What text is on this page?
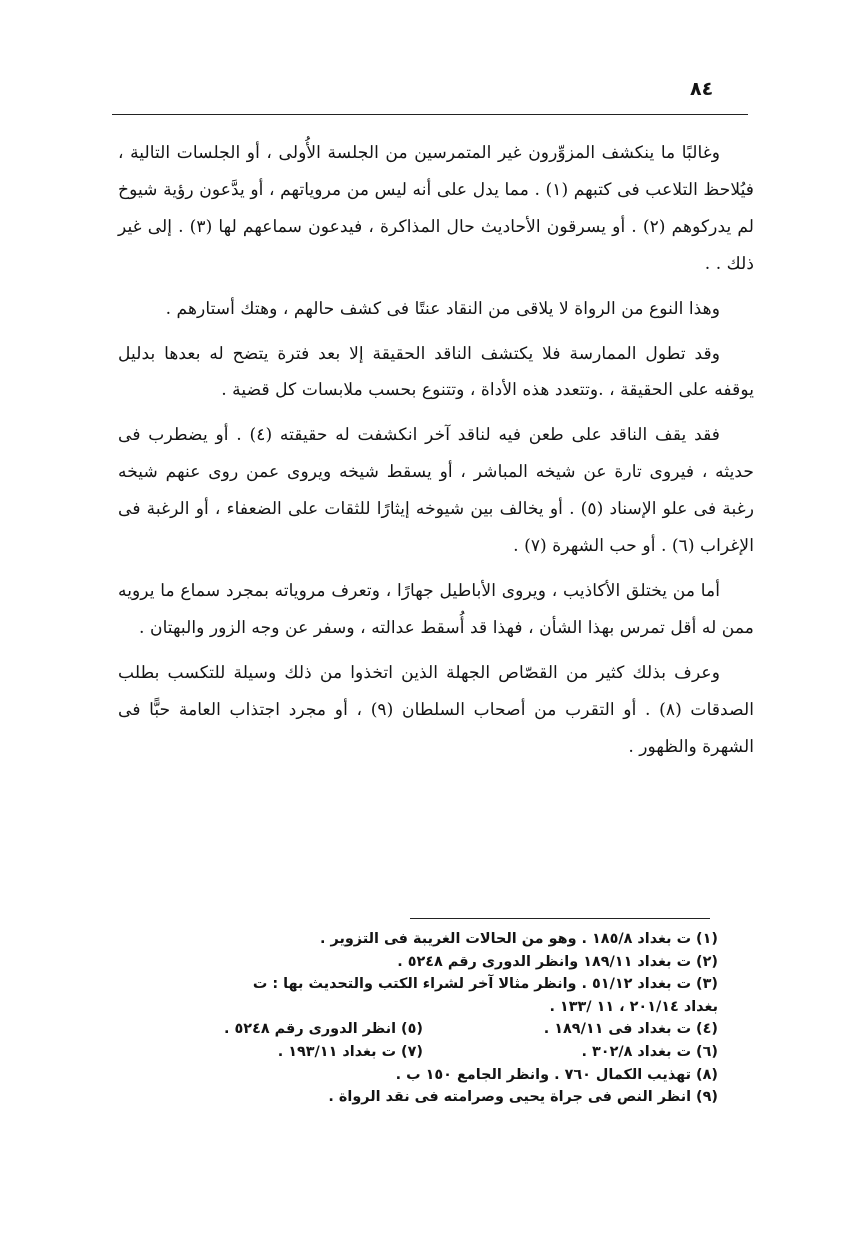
٨٤

وغالبًا ما ينكشف المزوِّرون غير المتمرسين من الجلسة الأُولى ، أو الجلسات التالية ، فيُلاحظ التلاعب فى كتبهم (١) . مما يدل على أنه ليس من مروياتهم ، أو يدَّعون رؤية شيوخ لم يدركوهم (٢) . أو يسرقون الأحاديث حال المذاكرة ، فيدعون سماعهم لها (٣) . إلى غير ذلك . .

وهذا النوع من الرواة لا يلاقى من النقاد عنتًا فى كشف حالهم ، وهتك أستارهم .

وقد تطول الممارسة فلا يكتشف الناقد الحقيقة إلا بعد فترة يتضح له بعدها بدليل يوقفه على الحقيقة ، .وتتعدد هذه الأداة ، وتتنوع بحسب ملابسات كل قضية .

فقد يقف الناقد على طعن فيه لناقد آخر انكشفت له حقيقته (٤) . أو يضطرب فى حديثه ، فيروى تارة عن شيخه المباشر ، أو يسقط شيخه ويروى عمن روى عنهم شيخه رغبة فى علو الإسناد (٥) . أو يخالف بين شيوخه إيثارًا للثقات على الضعفاء ، أو الرغبة فى الإغراب (٦) . أو حب الشهرة (٧) .

أما من يختلق الأكاذيب ، ويروى الأباطيل جهارًا ، وتعرف مروياته بمجرد سماع ما يرويه ممن له أقل تمرس بهذا الشأن ، فهذا قد أُسقط عدالته ، وسفر عن وجه الزور والبهتان .

وعرف بذلك كثير من القصّاص الجهلة الذين اتخذوا من ذلك وسيلة للتكسب بطلب الصدقات (٨) . أو التقرب من أصحاب السلطان (٩) ، أو مجرد اجتذاب العامة حبًّا فى الشهرة والظهور .

(١) ت بغداد ١٨٥/٨ . وهو من الحالات الغريبة فى التزوير .
(٢) ت بغداد ١٨٩/١١ وانظر الدورى رقم ٥٢٤٨ .
(٣) ت بغداد ٥١/١٢ . وانظر مثالا آخر لشراء الكتب والتحديث بها : ت
بغداد ٢٠١/١٤ ، ١١ /١٣٣ .
(٤) ت بغداد فى ١٨٩/١١ .
(٥) انظر الدورى رقم ٥٢٤٨ .
(٦) ت بغداد ٣٠٢/٨ .
(٧) ت بغداد ١٩٣/١١ .
(٨) تهذيب الكمال ٧٦٠ . وانظر الجامع ١٥٠ ب .
(٩) انظر النص فى جراة يحيى وصرامته فى نقد الرواة .
